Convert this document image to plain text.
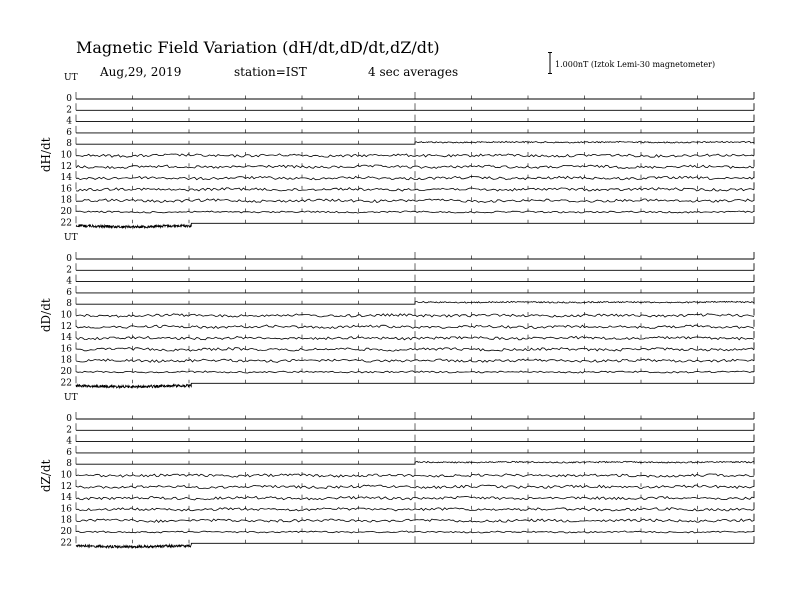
Magnetic Field Variation (dH/dt,dD/dt,dZ/dt)
Aug,29, 2019	station=IST	4 sec averages
1.000nT (Iztok Lemi-30 magnetometer)
UT
dH/dt
0
2
4
6
8
10
12
14
16
18
20
22
UT
dD/dt
0
2
4
6
8
10
12
14
16
18
20
22
UT
dZ/dt
0
2
4
6
8
10
12
14
16
18
20
22
